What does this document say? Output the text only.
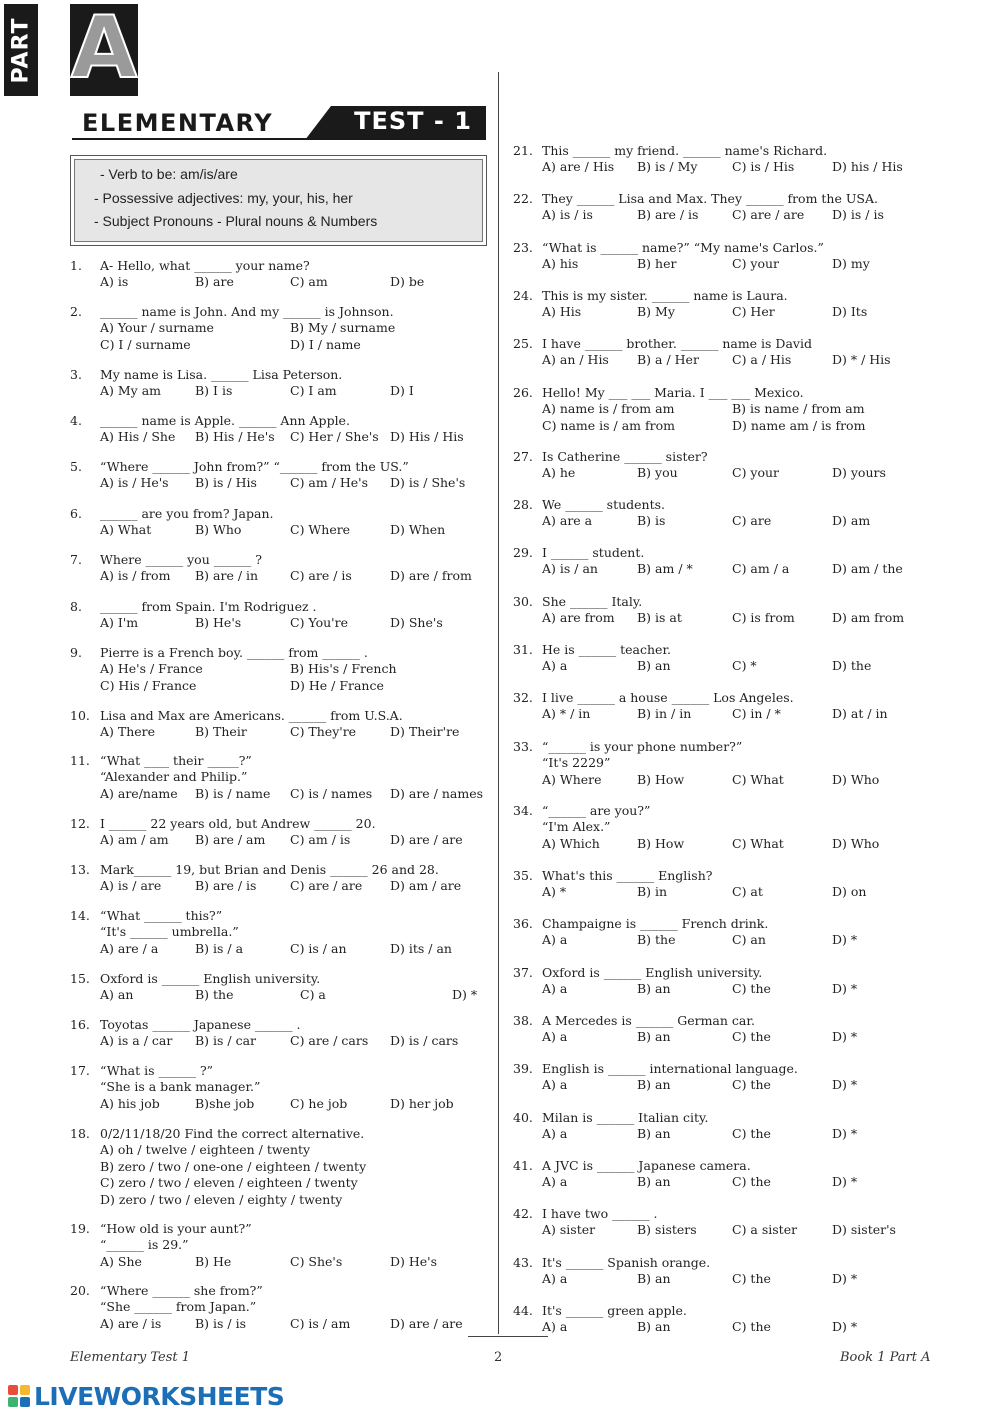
PART A
ELEMENTARY	TEST - 1
- Verb to be: am/is/are
- Possessive adjectives: my, your, his, her
- Subject Pronouns - Plural nouns & Numbers
1. A- Hello, what ______ your name?
A) is	B) are	C) am	D) be
2. ______ name is John. And my ______ is Johnson.
A) Your / surname	B) My / surname
C) I / surname	D) I / name
3. My name is Lisa. ______ Lisa Peterson.
A) My am	B) I is	C) I am	D) I
4. ______ name is Apple. ______ Ann Apple.
A) His / She B) His / He's C) Her / She's D) His / His
5. “Where ______ John from?” “______ from the US.”
A) is / He's B) is / His	C) am / He's D) is / She's
6. ______ are you from? Japan.
A) What	B) Who	C) Where	D) When
7. Where ______ you ______ ?
A) is / from B) are / in	C) are / is	D) are / from
8. ______ from Spain. I'm Rodriguez .
A) I'm	B) He's	C) You're	D) She's
9. Pierre is a French boy. ______ from ______ .
A) He's / France	B) His's / French
C) His / France	D) He / France
10. Lisa and Max are Americans. ______ from U.S.A.
A) There	B) Their	C) They're	D) Their're
11. “What ____ their _____?”
“Alexander and Philip.”
A) are/name B) is / name C) is / names D) are / names
12. I ______ 22 years old, but Andrew ______ 20.
A) am / am B) are / am C) am / is	D) are / are
13. Mark______ 19, but Brian and Denis ______ 26 and 28.
A) is / are	B) are / is	C) are / are D) am / are
14. “What ______ this?”
“It's ______ umbrella.”
A) are / a	B) is / a	C) is / an	D) its / an
15. Oxford is ______ English university.
A) an	B) the	C) a	D) *
16. Toyotas ______ Japanese ______ .
A) is a / car B) is / car	C) are / cars D) is / cars
17. “What is ______ ?”
“She is a bank manager.”
A) his job	B)she job	C) he job	D) her job
18. 0/2/11/18/20 Find the correct alternative.
A) oh / twelve / eighteen / twenty
B) zero / two / one-one / eighteen / twenty
C) zero / two / eleven / eighteen / twenty
D) zero / two / eleven / eighty / twenty
19. “How old is your aunt?”
“______ is 29.”
A) She	B) He	C) She's	D) He's
20. “Where ______ she from?”
“She ______ from Japan.”
A) are / is	B) is / is	C) is / am	D) are / are
21. This ______ my friend. ______ name's Richard.
A) are / His B) is / My	C) is / His	D) his / His
22. They ______ Lisa and Max. They ______ from the USA.
A) is / is	B) are / is	C) are / are D) is / is
23. “What is ______ name?” “My name's Carlos.”
A) his	B) her	C) your	D) my
24. This is my sister. ______ name is Laura.
A) His	B) My	C) Her	D) Its
25. I have ______ brother. ______ name is David
A) an / His B) a / Her	C) a / His	D) * / His
26. Hello! My ___ ___ Maria. I ___ ___ Mexico.
A) name is / from am	B) is name / from am
C) name is / am from	D) name am / is from
27. Is Catherine ______ sister?
A) he	B) you	C) your	D) yours
28. We ______ students.
A) are a	B) is	C) are	D) am
29. I ______ student.
A) is / an	B) am / *	C) am / a	D) am / the
30. She ______ Italy.
A) are from B) is at	C) is from	D) am from
31. He is ______ teacher.
A) a	B) an	C) *	D) the
32. I live ______ a house ______ Los Angeles.
A) * / in	B) in / in	C) in / *	D) at / in
33. “______ is your phone number?”
“It's 2229”
A) Where	B) How	C) What	D) Who
34. “______ are you?”
“I'm Alex.”
A) Which	B) How	C) What	D) Who
35. What's this ______ English?
A) *	B) in	C) at	D) on
36. Champaigne is ______ French drink.
A) a	B) the	C) an	D) *
37. Oxford is ______ English university.
A) a	B) an	C) the	D) *
38. A Mercedes is ______ German car.
A) a	B) an	C) the	D) *
39. English is ______ international language.
A) a	B) an	C) the	D) *
40. Milan is ______ Italian city.
A) a	B) an	C) the	D) *
41. A JVC is ______ Japanese camera.
A) a	B) an	C) the	D) *
42. I have two ______ .
A) sister	B) sisters	C) a sister	D) sister's
43. It's ______ Spanish orange.
A) a	B) an	C) the	D) *
44. It's ______ green apple.
A) a	B) an	C) the	D) *
Elementary Test 1	2	Book 1 Part A
LIVEWORKSHEETS
